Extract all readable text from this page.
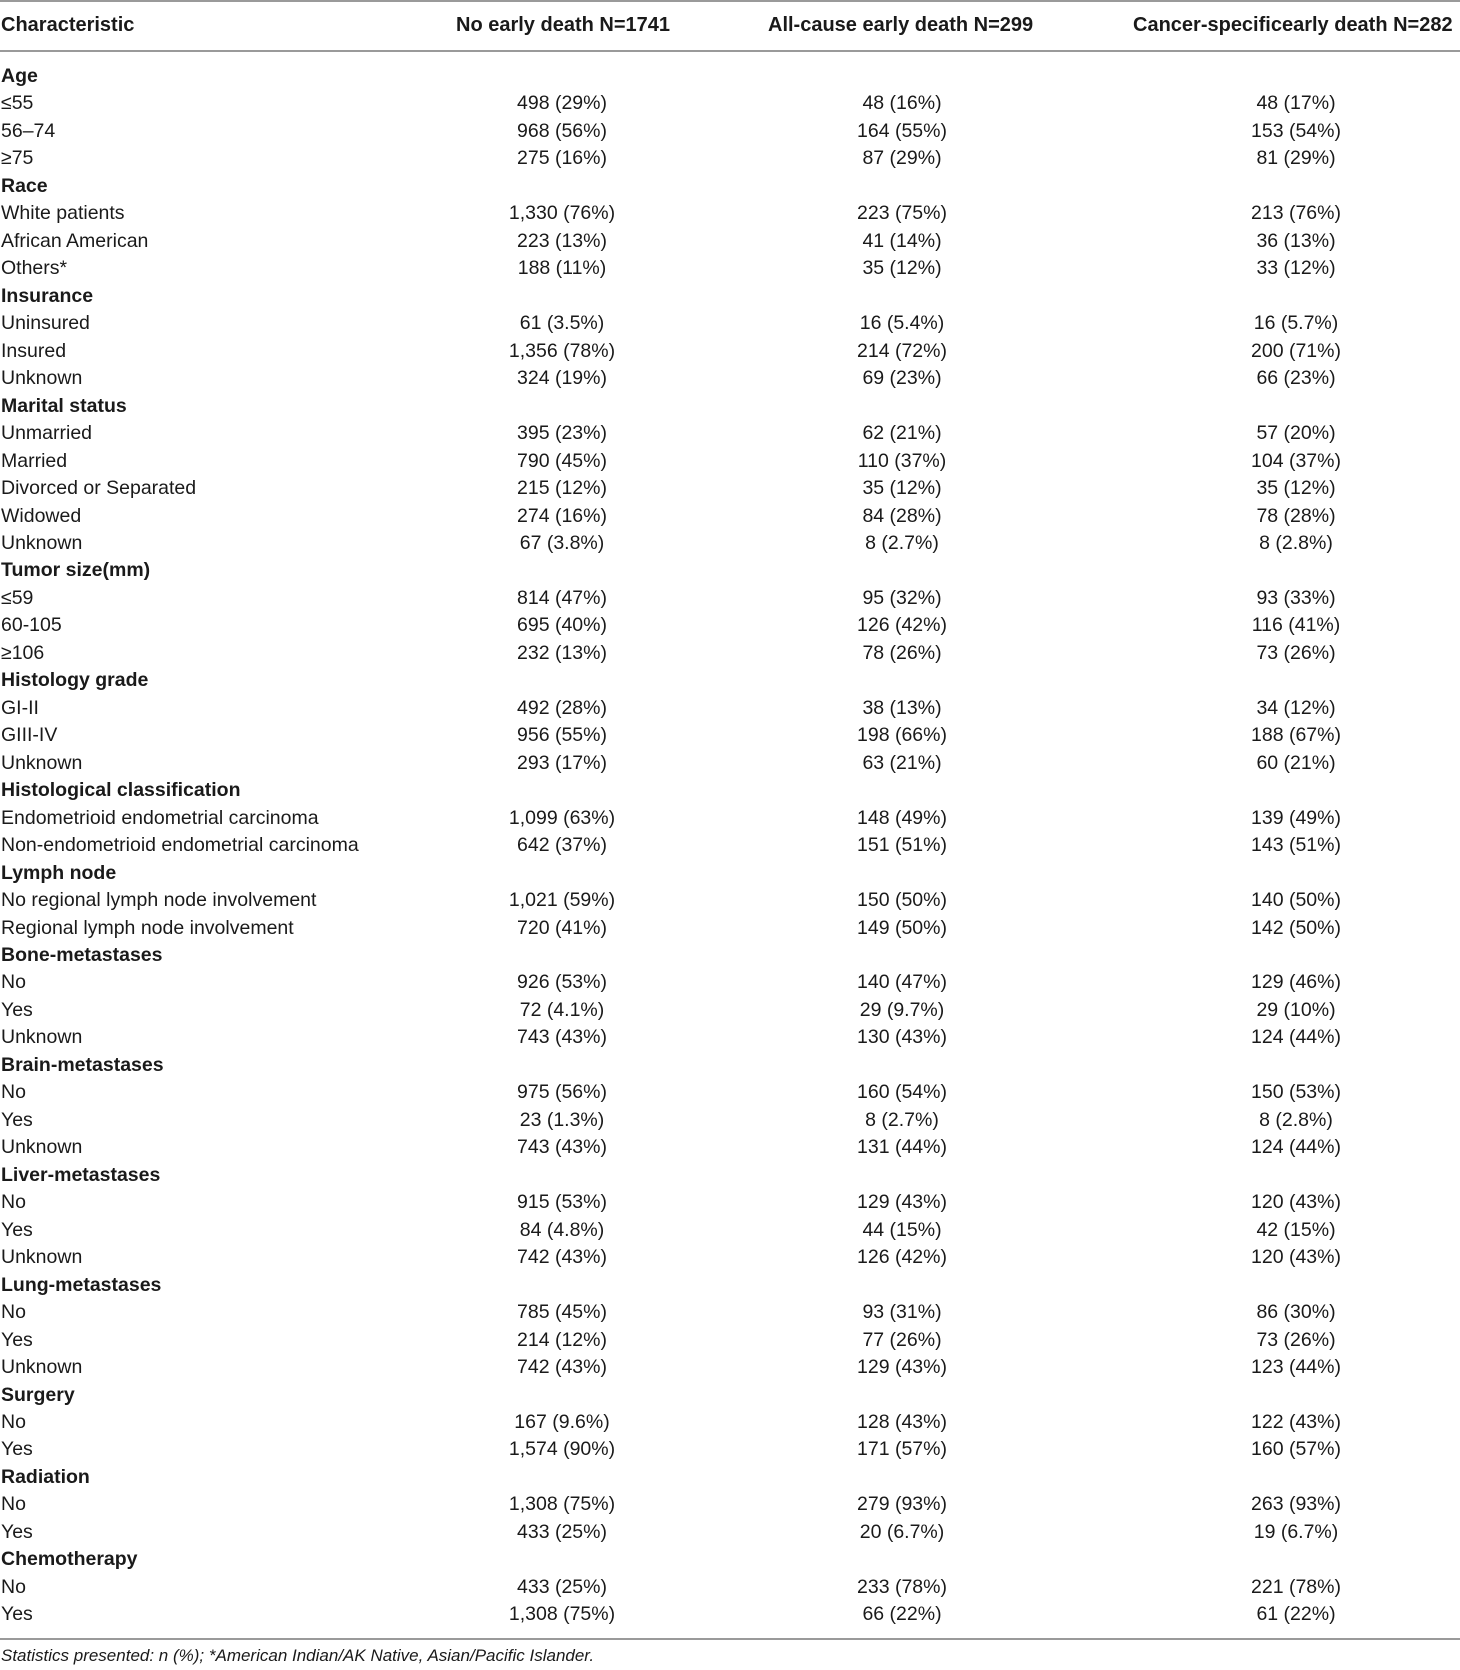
Characteristic	No early death N=1741	All-cause early death N=299	Cancer-specificearly death N=282
Age
≤55	498 (29%)	48 (16%)	48 (17%)
56–74	968 (56%)	164 (55%)	153 (54%)
≥75	275 (16%)	87 (29%)	81 (29%)
Race
White patients	1,330 (76%)	223 (75%)	213 (76%)
African American	223 (13%)	41 (14%)	36 (13%)
Others*	188 (11%)	35 (12%)	33 (12%)
Insurance
Uninsured	61 (3.5%)	16 (5.4%)	16 (5.7%)
Insured	1,356 (78%)	214 (72%)	200 (71%)
Unknown	324 (19%)	69 (23%)	66 (23%)
Marital status
Unmarried	395 (23%)	62 (21%)	57 (20%)
Married	790 (45%)	110 (37%)	104 (37%)
Divorced or Separated	215 (12%)	35 (12%)	35 (12%)
Widowed	274 (16%)	84 (28%)	78 (28%)
Unknown	67 (3.8%)	8 (2.7%)	8 (2.8%)
Tumor size(mm)
≤59	814 (47%)	95 (32%)	93 (33%)
60-105	695 (40%)	126 (42%)	116 (41%)
≥106	232 (13%)	78 (26%)	73 (26%)
Histology grade
GI-II	492 (28%)	38 (13%)	34 (12%)
GIII-IV	956 (55%)	198 (66%)	188 (67%)
Unknown	293 (17%)	63 (21%)	60 (21%)
Histological classification
Endometrioid endometrial carcinoma	1,099 (63%)	148 (49%)	139 (49%)
Non-endometrioid endometrial carcinoma	642 (37%)	151 (51%)	143 (51%)
Lymph node
No regional lymph node involvement	1,021 (59%)	150 (50%)	140 (50%)
Regional lymph node involvement	720 (41%)	149 (50%)	142 (50%)
Bone-metastases
No	926 (53%)	140 (47%)	129 (46%)
Yes	72 (4.1%)	29 (9.7%)	29 (10%)
Unknown	743 (43%)	130 (43%)	124 (44%)
Brain-metastases
No	975 (56%)	160 (54%)	150 (53%)
Yes	23 (1.3%)	8 (2.7%)	8 (2.8%)
Unknown	743 (43%)	131 (44%)	124 (44%)
Liver-metastases
No	915 (53%)	129 (43%)	120 (43%)
Yes	84 (4.8%)	44 (15%)	42 (15%)
Unknown	742 (43%)	126 (42%)	120 (43%)
Lung-metastases
No	785 (45%)	93 (31%)	86 (30%)
Yes	214 (12%)	77 (26%)	73 (26%)
Unknown	742 (43%)	129 (43%)	123 (44%)
Surgery
No	167 (9.6%)	128 (43%)	122 (43%)
Yes	1,574 (90%)	171 (57%)	160 (57%)
Radiation
No	1,308 (75%)	279 (93%)	263 (93%)
Yes	433 (25%)	20 (6.7%)	19 (6.7%)
Chemotherapy
No	433 (25%)	233 (78%)	221 (78%)
Yes	1,308 (75%)	66 (22%)	61 (22%)
Statistics presented: n (%); *American Indian/AK Native, Asian/Pacific Islander.
